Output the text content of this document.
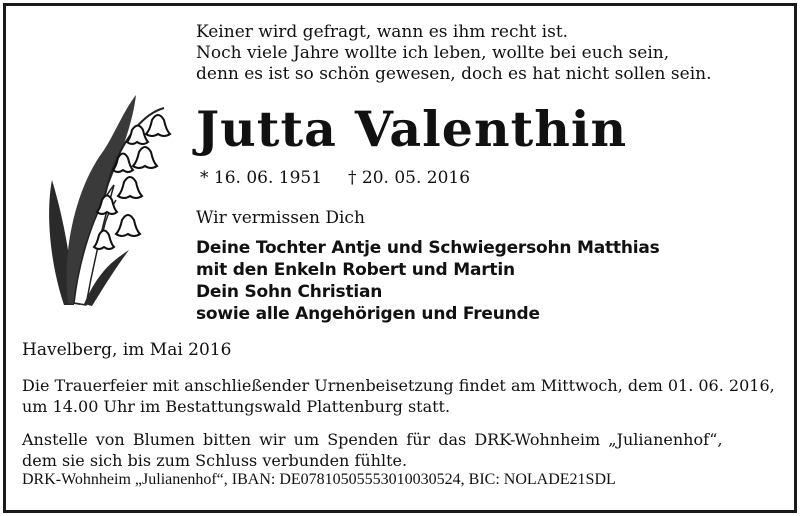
Keiner wird gefragt, wann es ihm recht ist.
Noch viele Jahre wollte ich leben, wollte bei euch sein,
denn es ist so schön gewesen, doch es hat nicht sollen sein.
Jutta Valenthin
* 16. 06. 1951 † 20. 05. 2016
Wir vermissen Dich
Deine Tochter Antje und Schwiegersohn Matthias
mit den Enkeln Robert und Martin
Dein Sohn Christian
sowie alle Angehörigen und Freunde
Havelberg, im Mai 2016
Die Trauerfeier mit anschließender Urnenbeisetzung findet am Mittwoch, dem 01. 06. 2016,
um 14.00 Uhr im Bestattungswald Plattenburg statt.
Anstelle von Blumen bitten wir um Spenden für das DRK-Wohnheim „Julianenhof“,
dem sie sich bis zum Schluss verbunden fühlte.
DRK-Wohnheim „Julianenhof“, IBAN: DE07810505553010030524, BIC: NOLADE21SDL
